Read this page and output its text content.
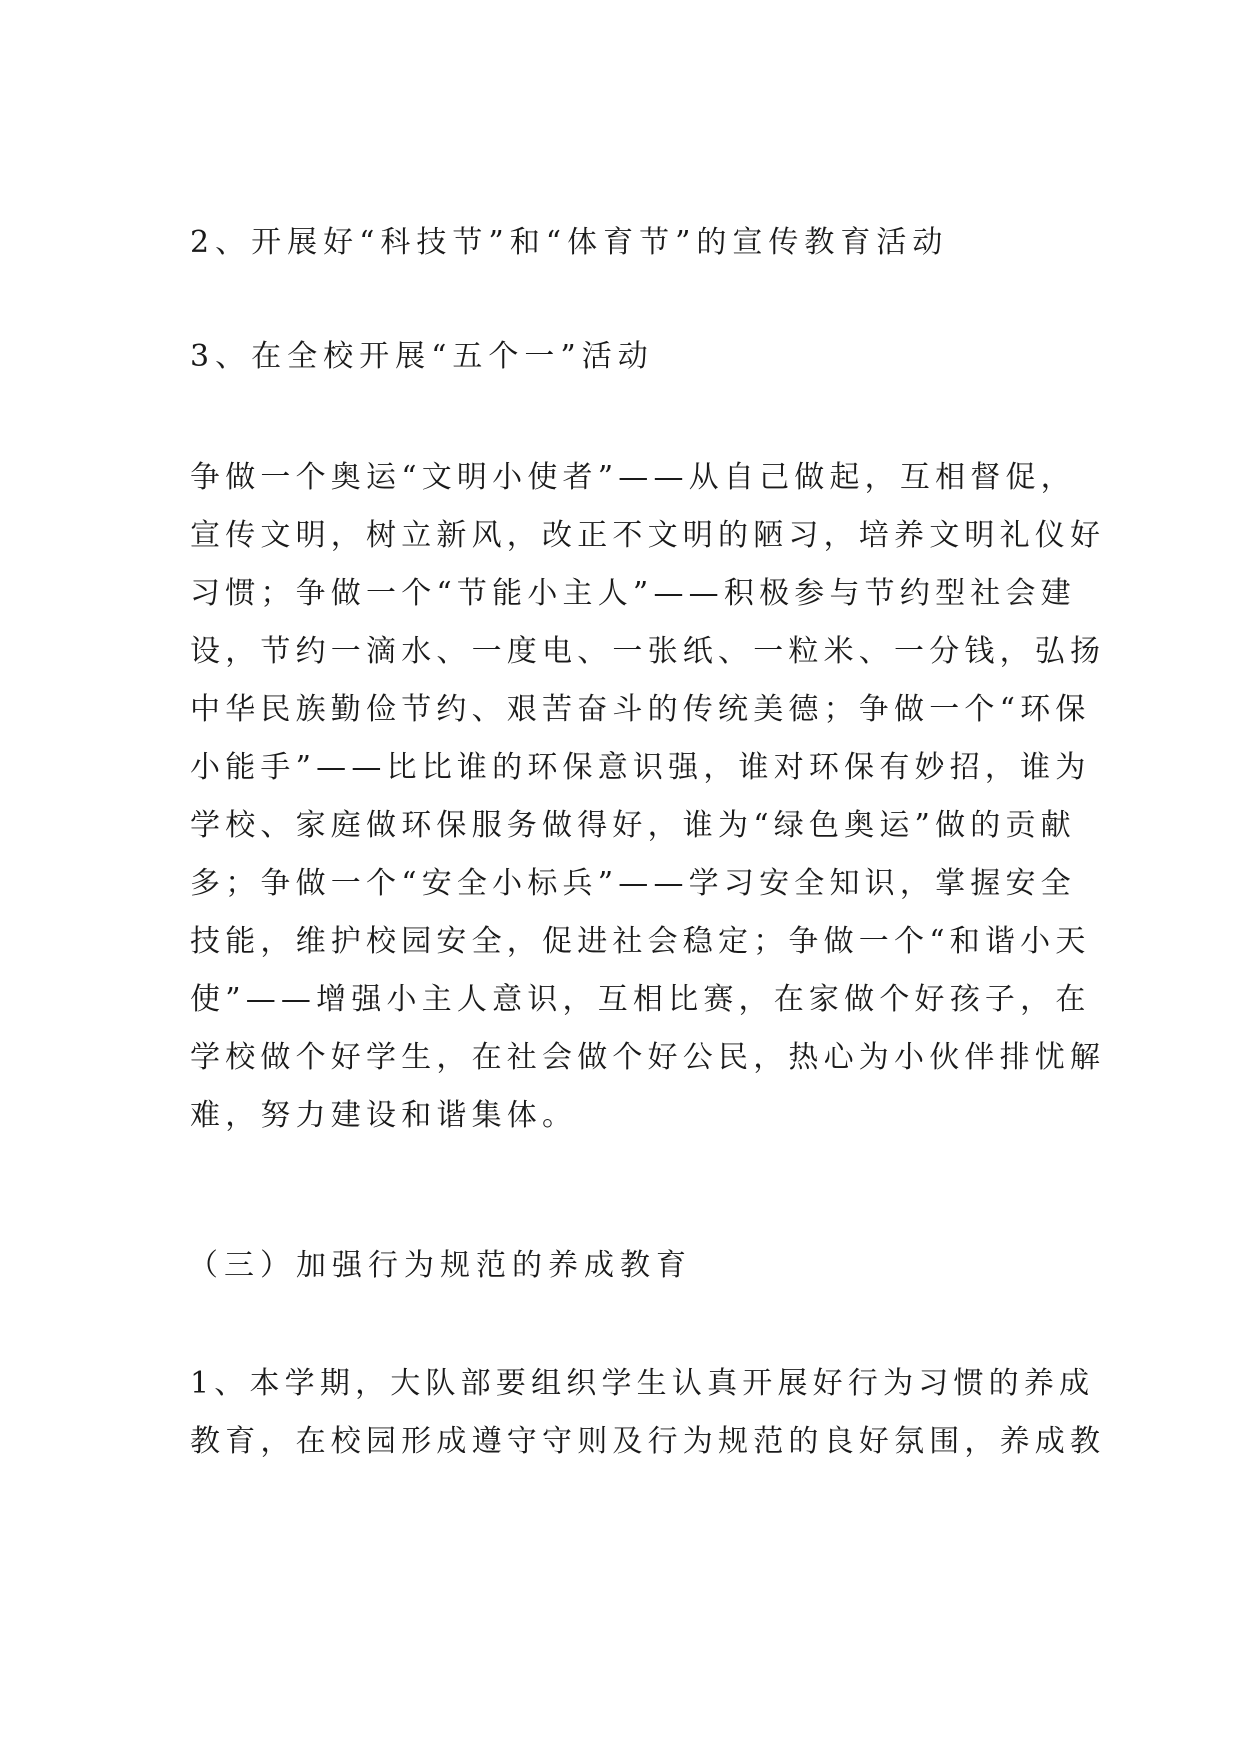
2、开展好“科技节”和“体育节”的宣传教育活动

3、在全校开展“五个一”活动

争做一个奥运“文明小使者”——从自己做起，互相督促，
宣传文明，树立新风，改正不文明的陋习，培养文明礼仪好
习惯；争做一个“节能小主人”——积极参与节约型社会建
设，节约一滴水、一度电、一张纸、一粒米、一分钱，弘扬
中华民族勤俭节约、艰苦奋斗的传统美德；争做一个“环保
小能手”——比比谁的环保意识强，谁对环保有妙招，谁为
学校、家庭做环保服务做得好，谁为“绿色奥运”做的贡献
多；争做一个“安全小标兵”——学习安全知识，掌握安全
技能，维护校园安全，促进社会稳定；争做一个“和谐小天
使”——增强小主人意识，互相比赛，在家做个好孩子，在
学校做个好学生，在社会做个好公民，热心为小伙伴排忧解
难，努力建设和谐集体。

（三）加强行为规范的养成教育

1、本学期，大队部要组织学生认真开展好行为习惯的养成
教育，在校园形成遵守守则及行为规范的良好氛围，养成教
